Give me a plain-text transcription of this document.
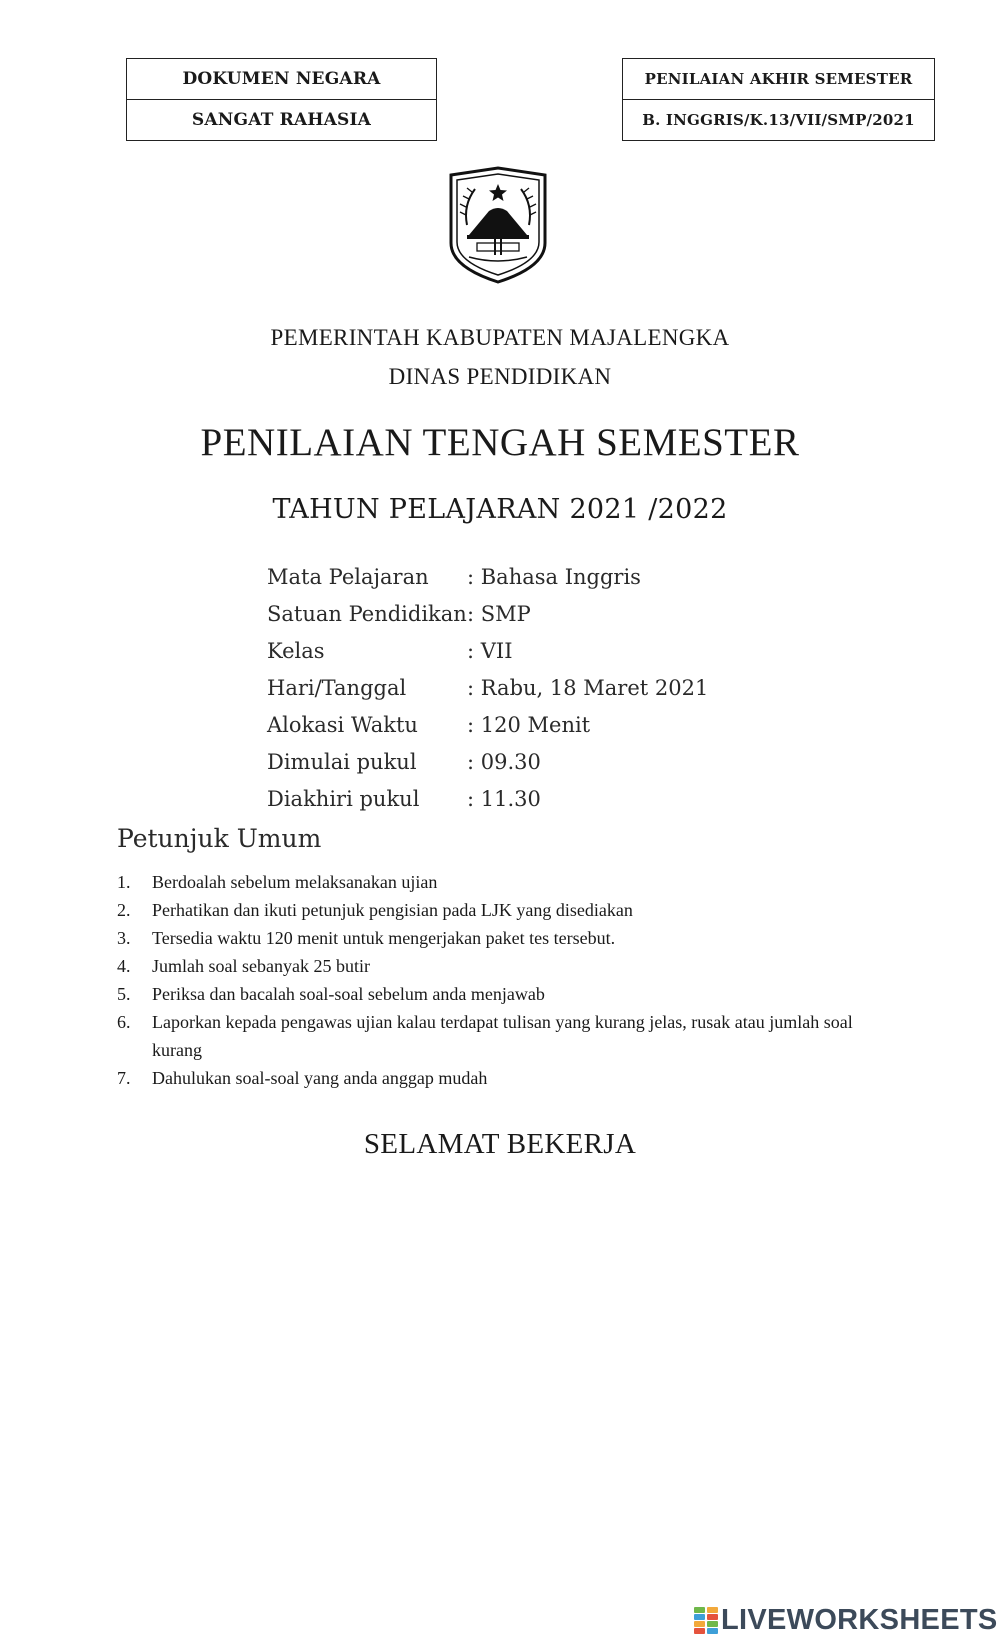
DOKUMEN NEGARA
SANGAT RAHASIA
PENILAIAN AKHIR SEMESTER
B. INGGRIS/K.13/VII/SMP/2021
PEMERINTAH KABUPATEN MAJALENGKA
DINAS PENDIDIKAN
PENILAIAN TENGAH SEMESTER
TAHUN PELAJARAN 2021 /2022
Mata Pelajaran	: Bahasa Inggris
Satuan Pendidikan : SMP
Kelas	: VII
Hari/Tanggal	: Rabu, 18 Maret 2021
Alokasi Waktu	: 120 Menit
Dimulai pukul	: 09.30
Diakhiri pukul	: 11.30
Petunjuk Umum
1.	Berdoalah sebelum melaksanakan ujian
2.	Perhatikan dan ikuti petunjuk pengisian pada LJK yang disediakan
3.	Tersedia waktu 120 menit untuk mengerjakan paket tes tersebut.
4.	Jumlah soal sebanyak 25 butir
5.	Periksa dan bacalah soal-soal sebelum anda menjawab
6.	Laporkan kepada pengawas ujian kalau terdapat tulisan yang kurang jelas, rusak atau jumlah soal kurang
7.	Dahulukan soal-soal yang anda anggap mudah
SELAMAT BEKERJA
LIVEWORKSHEETS
